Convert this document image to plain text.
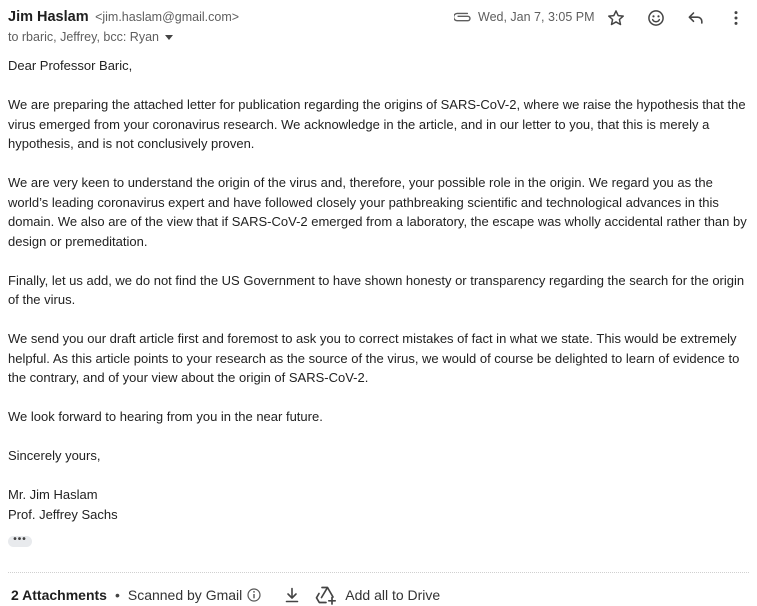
Jim Haslam <jim.haslam@gmail.com>
to rbaric, Jeffrey, bcc: Ryan
Wed, Jan 7, 3:05 PM

Dear Professor Baric,

We are preparing the attached letter for publication regarding the origins of SARS-CoV-2, where we raise the hypothesis that the virus emerged from your coronavirus research. We acknowledge in the article, and in our letter to you, that this is merely a hypothesis, and is not conclusively proven.

We are very keen to understand the origin of the virus and, therefore, your possible role in the origin. We regard you as the world’s leading coronavirus expert and have followed closely your pathbreaking scientific and technological advances in this domain. We also are of the view that if SARS-CoV-2 emerged from a laboratory, the escape was wholly accidental rather than by design or premeditation.

Finally, let us add, we do not find the US Government to have shown honesty or transparency regarding the search for the origin of the virus.

We send you our draft article first and foremost to ask you to correct mistakes of fact in what we state. This would be extremely helpful. As this article points to your research as the source of the virus, we would of course be delighted to learn of evidence to the contrary, and of your view about the origin of SARS-CoV-2.

We look forward to hearing from you in the near future.

Sincerely yours,

Mr. Jim Haslam

Prof. Jeffrey Sachs

•••
2 Attachments • Scanned by Gmail	Add all to Drive
